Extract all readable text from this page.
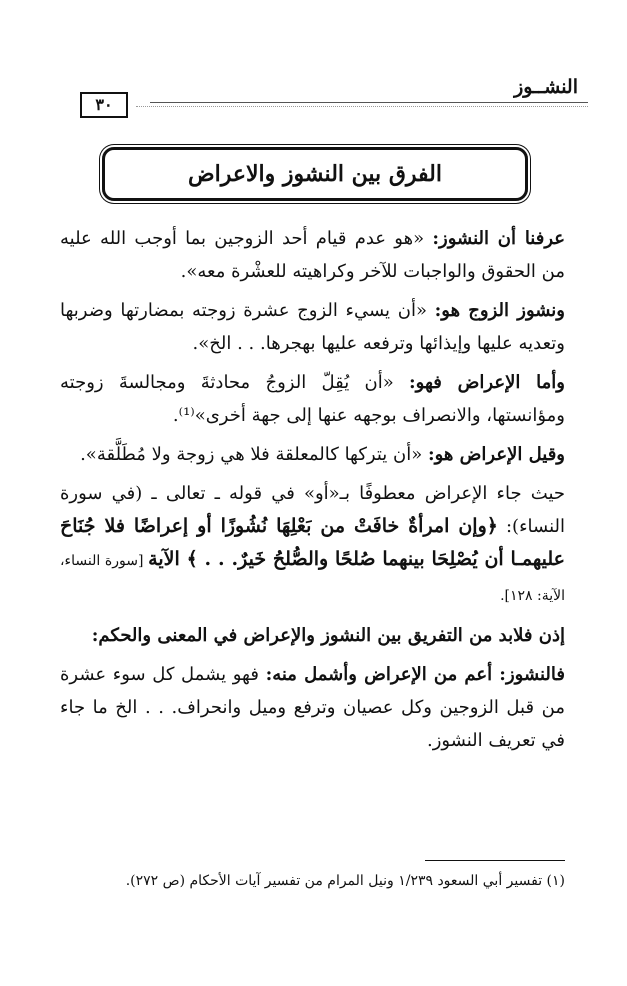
النشــوز
٣٠
الفرق بين النشوز والاعراض

عرفنا أن النشوز: «هو عدم قيام أحد الزوجين بما أوجب الله عليه من الحقوق والواجبات للآخر وكراهيته للعشْرة معه».

ونشوز الزوج هو: «أن يسيء الزوج عشرة زوجته بمضارتها وضربها وتعديه عليها وإيذائها وترفعه عليها بهجرها. . . الخ».

وأما الإعراض فهو: «أن يُقِلّ الزوجُ محادثةَ ومجالسةَ زوجته ومؤانستها، والانصراف بوجهه عنها إلى جهة أخرى»⁽¹⁾.

وقيل الإعراض هو: «أن يتركها كالمعلقة فلا هي زوجة ولا مُطَلَّقة».

حيث جاء الإعراض معطوفًا بـ«أو» في قوله ـ تعالى ـ (في سورة النساء): ﴿وإن امرأةٌ خافَتْ من بَعْلِهَا نُشُوزًا أو إعراضًا فلا جُنَاحَ عليهمـا أن يُصْلِحَا بينهما صُلحًا والصُّلحُ خَيرٌ. . . ﴾ الآية [سورة النساء، الآية: ١٢٨].

إذن فلابد من التفريق بين النشوز والإعراض في المعنى والحكم:

فالنشوز: أعم من الإعراض وأشمل منه: فهو يشمل كل سوء عشرة من قبل الزوجين وكل عصيان وترفع وميل وانحراف. . . الخ ما جاء في تعريف النشوز.

(١) تفسير أبي السعود ١/٢٣٩ ونيل المرام من تفسير آيات الأحكام (ص ٢٧٢).
